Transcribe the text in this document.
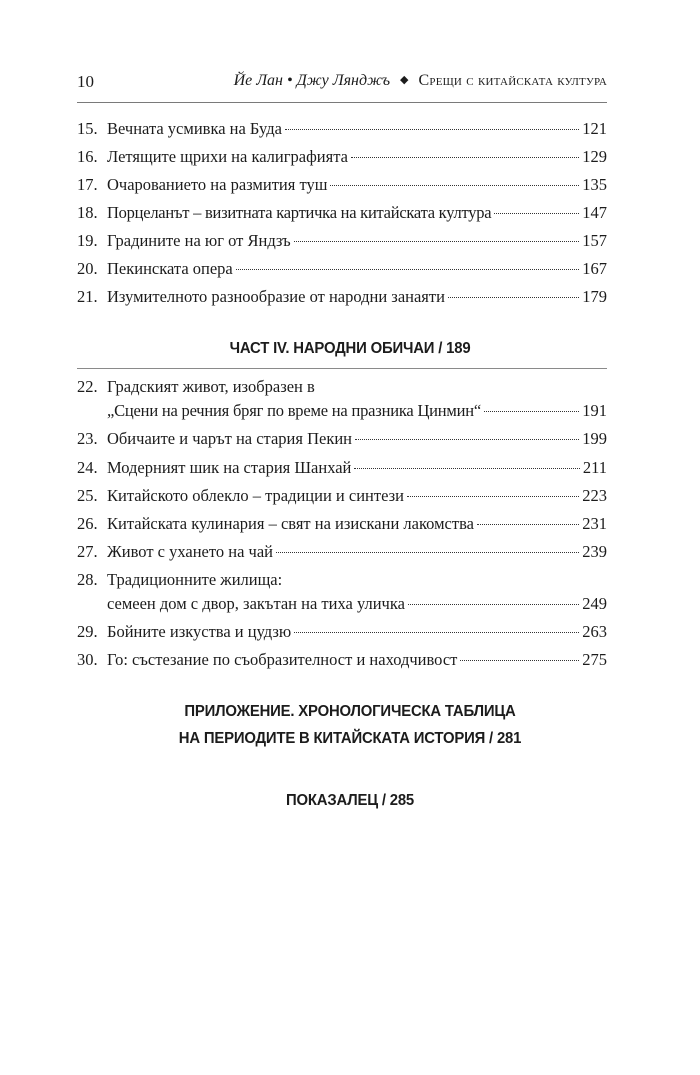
10	Йе Лан • Джу Лянджъ ◆ Срещи с китайската култура
15. Вечната усмивка на Буда	121
16. Летящите щрихи на калиграфията	129
17. Очарованието на размития туш	135
18. Порцеланът – визитната картичка на китайската култура	147
19. Градините на юг от Яндзъ	157
20. Пекинската опера	167
21. Изумителното разнообразие от народни занаяти	179
ЧАСТ IV. НАРОДНИ ОБИЧАИ / 189
22. Градският живот, изобразен в
„Сцени на речния бряг по време на празника Цинмин“	191
23. Обичаите и чарът на стария Пекин	199
24. Модерният шик на стария Шанхай	211
25. Китайското облекло – традиции и синтези	223
26. Китайската кулинария – свят на изискани лакомства	231
27. Живот с ухането на чай	239
28. Традиционните жилища:
семеен дом с двор, закътан на тиха уличка	249
29. Бойните изкуства и цудзю	263
30. Го: състезание по съобразителност и находчивост	275
ПРИЛОЖЕНИЕ. ХРОНОЛОГИЧЕСКА ТАБЛИЦА
НА ПЕРИОДИТЕ В КИТАЙСКАТА ИСТОРИЯ / 281
ПОКАЗАЛЕЦ / 285
